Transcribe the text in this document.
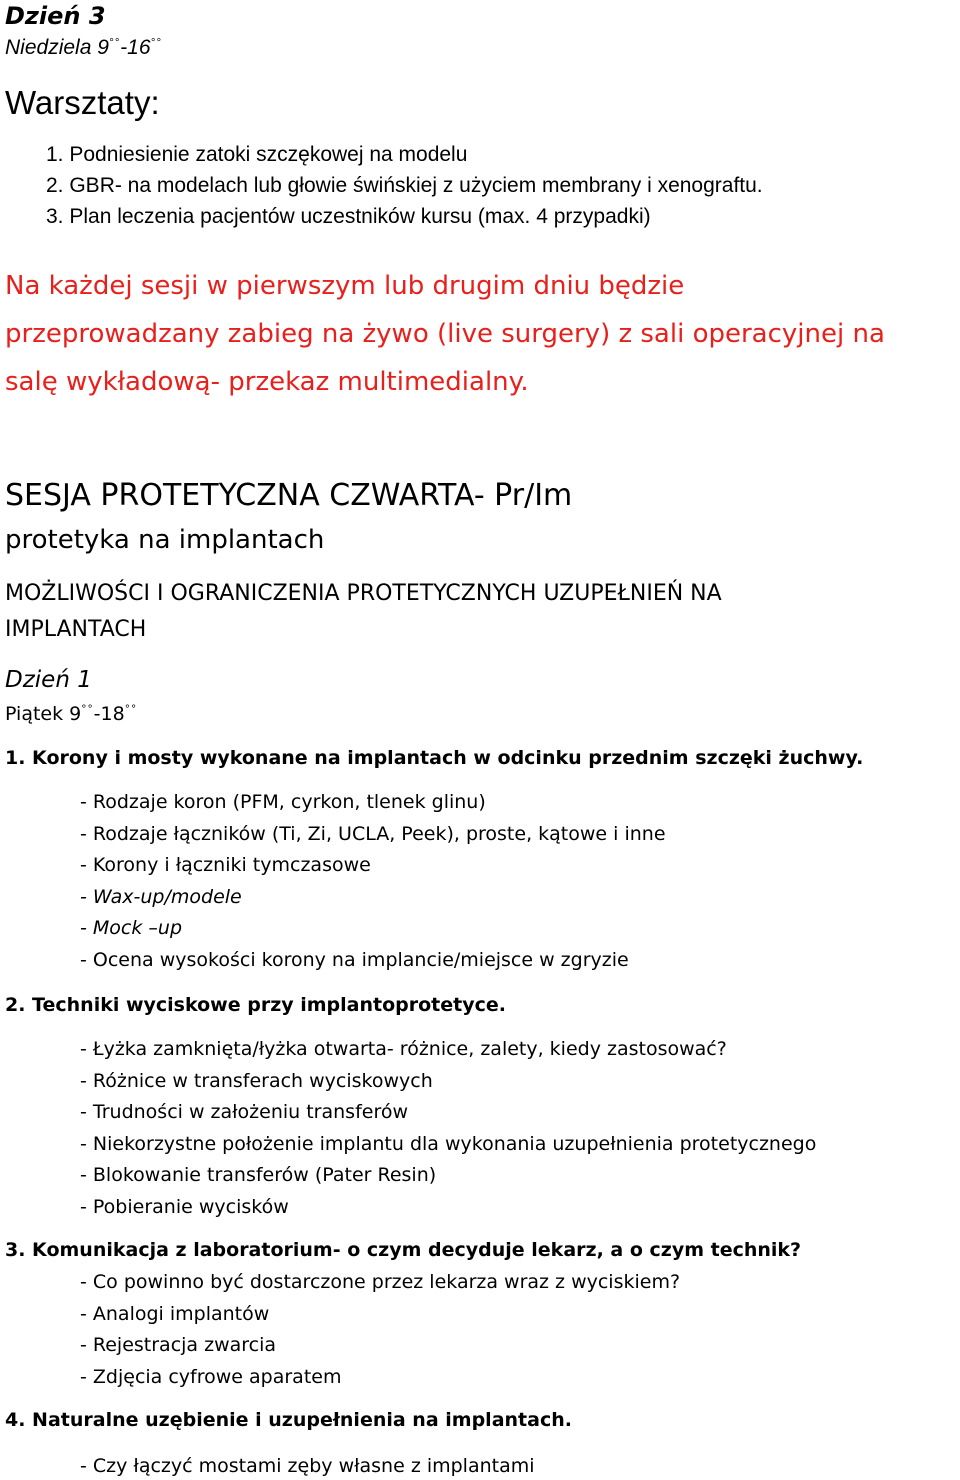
Dzień 3
Niedziela 9°°-16°°
Warsztaty:
1. Podniesienie zatoki szczękowej na modelu
2. GBR- na modelach lub głowie świńskiej z użyciem membrany i xenograftu.
3. Plan leczenia pacjentów uczestników kursu (max. 4 przypadki)
Na każdej sesji w pierwszym lub drugim dniu będzie
przeprowadzany zabieg na żywo (live surgery) z sali operacyjnej na
salę wykładową- przekaz multimedialny.
SESJA PROTETYCZNA CZWARTA- Pr/Im
protetyka na implantach
MOŻLIWOŚCI I OGRANICZENIA PROTETYCZNYCH UZUPEŁNIEŃ NA
IMPLANTACH
Dzień 1
Piątek 9°°-18°°
1. Korony i mosty wykonane na implantach w odcinku przednim szczęki żuchwy.
- Rodzaje koron (PFM, cyrkon, tlenek glinu)
- Rodzaje łączników (Ti, Zi, UCLA, Peek), proste, kątowe i inne
- Korony i łączniki tymczasowe
- Wax-up/modele
- Mock –up
- Ocena wysokości korony na implancie/miejsce w zgryzie
2. Techniki wyciskowe przy implantoprotetyce.
- Łyżka zamknięta/łyżka otwarta- różnice, zalety, kiedy zastosować?
- Różnice w transferach wyciskowych
- Trudności w założeniu transferów
- Niekorzystne położenie implantu dla wykonania uzupełnienia protetycznego
- Blokowanie transferów (Pater Resin)
- Pobieranie wycisków
3. Komunikacja z laboratorium- o czym decyduje lekarz, a o czym technik?
- Co powinno być dostarczone przez lekarza wraz z wyciskiem?
- Analogi implantów
- Rejestracja zwarcia
- Zdjęcia cyfrowe aparatem
4. Naturalne uzębienie i uzupełnienia na implantach.
- Czy łączyć mostami zęby własne z implantami
